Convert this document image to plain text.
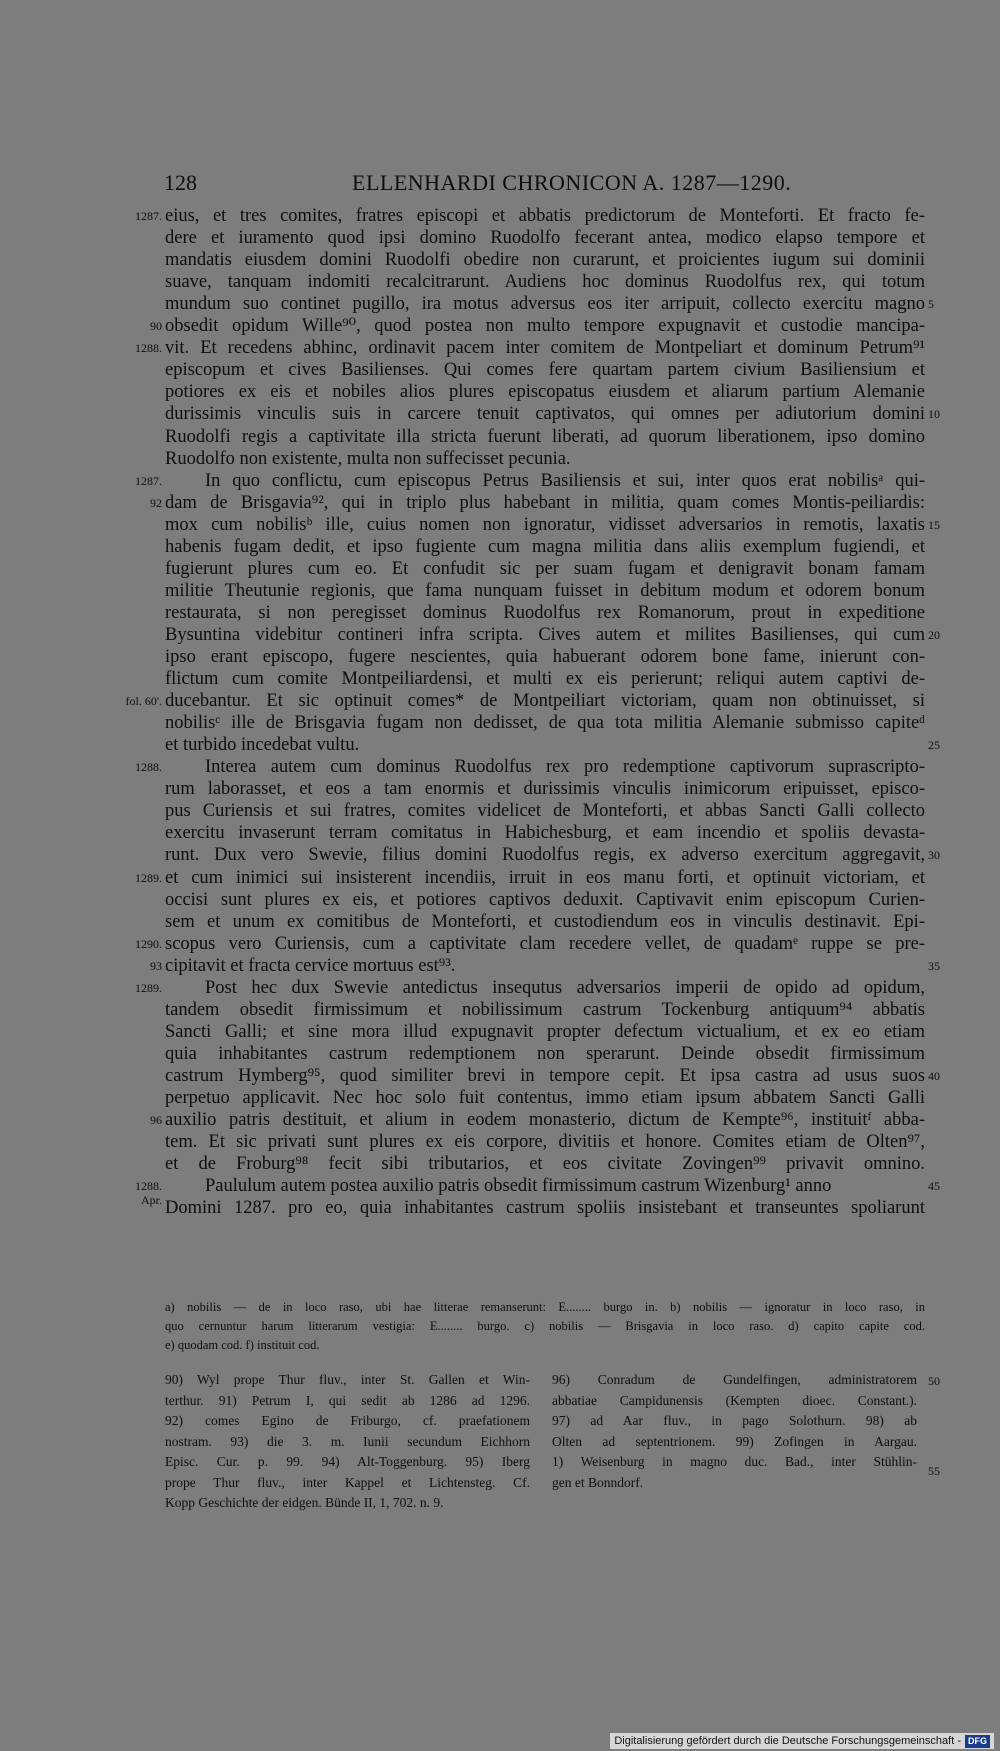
128	ELLENHARDI CHRONICON A. 1287—1290.
eius, et tres comites, fratres episcopi et abbatis predictorum de Monteforti. Et fracto fe-
dere et iuramento quod ipsi domino Ruodolfo fecerant antea, modico elapso tempore et
mandatis eiusdem domini Ruodolfi obedire non curarunt, et proicientes iugum sui dominii
suave, tanquam indomiti recalcitrarunt. Audiens hoc dominus Ruodolfus rex, qui totum
mundum suo continet pugillo, ira motus adversus eos iter arripuit, collecto exercitu magno
obsedit opidum Wille⁹⁰, quod postea non multo tempore expugnavit et custodie mancipa-
vit. Et recedens abhinc, ordinavit pacem inter comitem de Montpeliart et dominum Petrum⁹¹
episcopum et cives Basilienses. Qui comes fere quartam partem civium Basiliensium et
potiores ex eis et nobiles alios plures episcopatus eiusdem et aliarum partium Alemanie
durissimis vinculis suis in carcere tenuit captivatos, qui omnes per adiutorium domini
Ruodolfi regis a captivitate illa stricta fuerunt liberati, ad quorum liberationem, ipso domino
Ruodolfo non existente, multa non suffecisset pecunia.
In quo conflictu, cum episcopus Petrus Basiliensis et sui, inter quos erat nobilisᵃ qui-
dam de Brisgavia⁹², qui in triplo plus habebant in militia, quam comes Montis-peiliardis:
mox cum nobilisᵇ ille, cuius nomen non ignoratur, vidisset adversarios in remotis, laxatis
habenis fugam dedit, et ipso fugiente cum magna militia dans aliis exemplum fugiendi, et
fugierunt plures cum eo. Et confudit sic per suam fugam et denigravit bonam famam
militie Theutunie regionis, que fama nunquam fuisset in debitum modum et odorem bonum
restaurata, si non peregisset dominus Ruodolfus rex Romanorum, prout in expeditione
Bysuntina videbitur contineri infra scripta. Cives autem et milites Basilienses, qui cum
ipso erant episcopo, fugere nescientes, quia habuerant odorem bone fame, inierunt con-
flictum cum comite Montpeiliardensi, et multi ex eis perierunt; reliqui autem captivi de-
ducebantur. Et sic optinuit comes* de Montpeiliart victoriam, quam non obtinuisset, si
nobilisᶜ ille de Brisgavia fugam non dedisset, de qua tota militia Alemanie submisso capiteᵈ
et turbido incedebat vultu.
Interea autem cum dominus Ruodolfus rex pro redemptione captivorum suprascripto-
rum laborasset, et eos a tam enormis et durissimis vinculis inimicorum eripuisset, episco-
pus Curiensis et sui fratres, comites videlicet de Monteforti, et abbas Sancti Galli collecto
exercitu invaserunt terram comitatus in Habichesburg, et eam incendio et spoliis devasta-
runt. Dux vero Swevie, filius domini Ruodolfus regis, ex adverso exercitum aggregavit,
et cum inimici sui insisterent incendiis, irruit in eos manu forti, et optinuit victoriam, et
occisi sunt plures ex eis, et potiores captivos deduxit. Captivavit enim episcopum Curien-
sem et unum ex comitibus de Monteforti, et custodiendum eos in vinculis destinavit. Epi-
scopus vero Curiensis, cum a captivitate clam recedere vellet, de quadamᵉ ruppe se pre-
cipitavit et fracta cervice mortuus est⁹³.
Post hec dux Swevie antedictus insequtus adversarios imperii de opido ad opidum,
tandem obsedit firmissimum et nobilissimum castrum Tockenburg antiquum⁹⁴ abbatis
Sancti Galli; et sine mora illud expugnavit propter defectum victualium, et ex eo etiam
quia inhabitantes castrum redemptionem non sperarunt. Deinde obsedit firmissimum
castrum Hymberg⁹⁵, quod similiter brevi in tempore cepit. Et ipsa castra ad usus suos
perpetuo applicavit. Nec hoc solo fuit contentus, immo etiam ipsum abbatem Sancti Galli
auxilio patris destituit, et alium in eodem monasterio, dictum de Kempte⁹⁶, instituitᶠ abba-
tem. Et sic privati sunt plures ex eis corpore, divitiis et honore. Comites etiam de Olten⁹⁷,
et de Froburg⁹⁸ fecit sibi tributarios, et eos civitate Zovingen⁹⁹ privavit omnino.
Paululum autem postea auxilio patris obsedit firmissimum castrum Wizenburg¹ anno
Domini 1287. pro eo, quia inhabitantes castrum spoliis insistebant et transeuntes spoliarunt
1287.
90
1288.
1287.
92
fol. 60'.
1288.
1289.
1290.
93
1289.
96
1288.
Apr.
5
10
15
20
25
30
35
40
45
a) nobilis — de in loco raso, ubi hae litterae remanserunt: E........ burgo in. b) nobilis — ignoratur in loco raso, in
quo cernuntur harum litterarum vestigia: E........ burgo. c) nobilis — Brisgavia in loco raso. d) capito capite cod.
e) quodam cod. f) instituit cod.
90) Wyl prope Thur fluv., inter St. Gallen et Win-
terthur. 91) Petrum I, qui sedit ab 1286 ad 1296.
92) comes Egino de Friburgo, cf. praefationem
nostram. 93) die 3. m. Iunii secundum Eichhorn
Episc. Cur. p. 99. 94) Alt-Toggenburg. 95) Iberg
prope Thur fluv., inter Kappel et Lichtensteg. Cf.
Kopp Geschichte der eidgen. Bünde II, 1, 702. n. 9.
96) Conradum de Gundelfingen, administratorem
abbatiae Campidunensis (Kempten dioec. Constant.).
97) ad Aar fluv., in pago Solothurn. 98) ab
Olten ad septentrionem. 99) Zofingen in Aargau.
1) Weisenburg in magno duc. Bad., inter Stühlin-
gen et Bonndorf.
50
55
Digitalisierung gefördert durch die Deutsche Forschungsgemeinschaft - DFG
